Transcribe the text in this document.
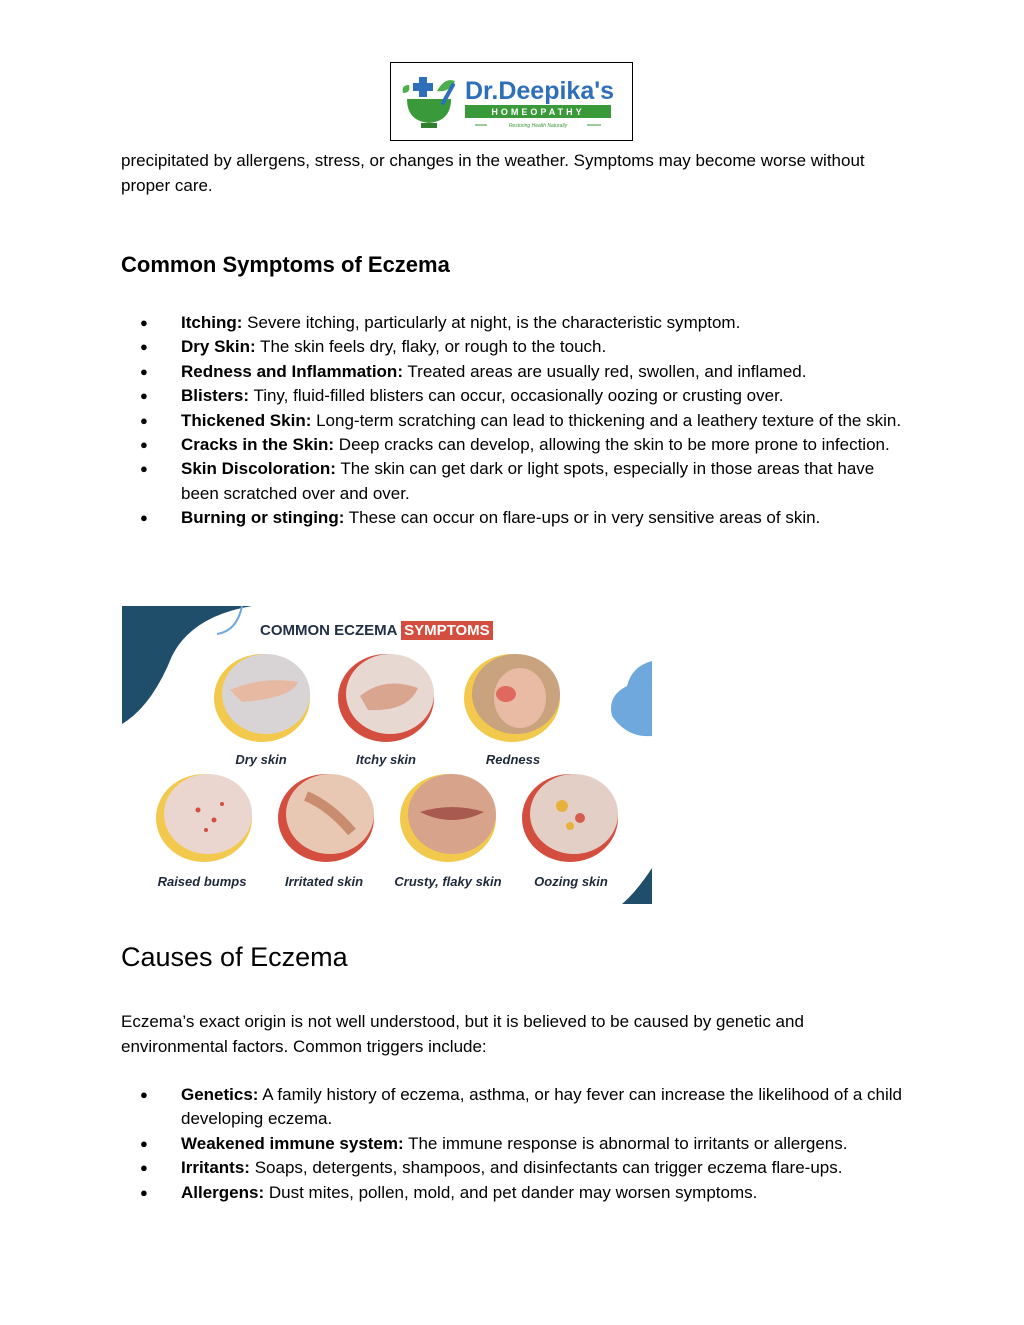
Dr.Deepika's
HOMEOPATHY
Restoring Health Naturally

precipitated by allergens, stress, or changes in the weather. Symptoms may become worse without proper care.

Common Symptoms of Eczema
● Itching: Severe itching, particularly at night, is the characteristic symptom.
● Dry Skin: The skin feels dry, flaky, or rough to the touch.
● Redness and Inflammation: Treated areas are usually red, swollen, and inflamed.
● Blisters: Tiny, fluid-filled blisters can occur, occasionally oozing or crusting over.
● Thickened Skin: Long-term scratching can lead to thickening and a leathery texture of the skin.
● Cracks in the Skin: Deep cracks can develop, allowing the skin to be more prone to infection.
● Skin Discoloration: The skin can get dark or light spots, especially in those areas that have been scratched over and over.
● Burning or stinging: These can occur on flare-ups or in very sensitive areas of skin.
COMMON ECZEMA SYMPTOMS
Dry skin	Itchy skin	Redness
Raised bumps	Irritated skin Crusty, flaky skin	Oozing skin
Causes of Eczema

Eczema’s exact origin is not well understood, but it is believed to be caused by genetic and environmental factors. Common triggers include:

● Genetics: A family history of eczema, asthma, or hay fever can increase the likelihood of a child developing eczema.
● Weakened immune system: The immune response is abnormal to irritants or allergens.
● Irritants: Soaps, detergents, shampoos, and disinfectants can trigger eczema flare-ups.
● Allergens: Dust mites, pollen, mold, and pet dander may worsen symptoms.
